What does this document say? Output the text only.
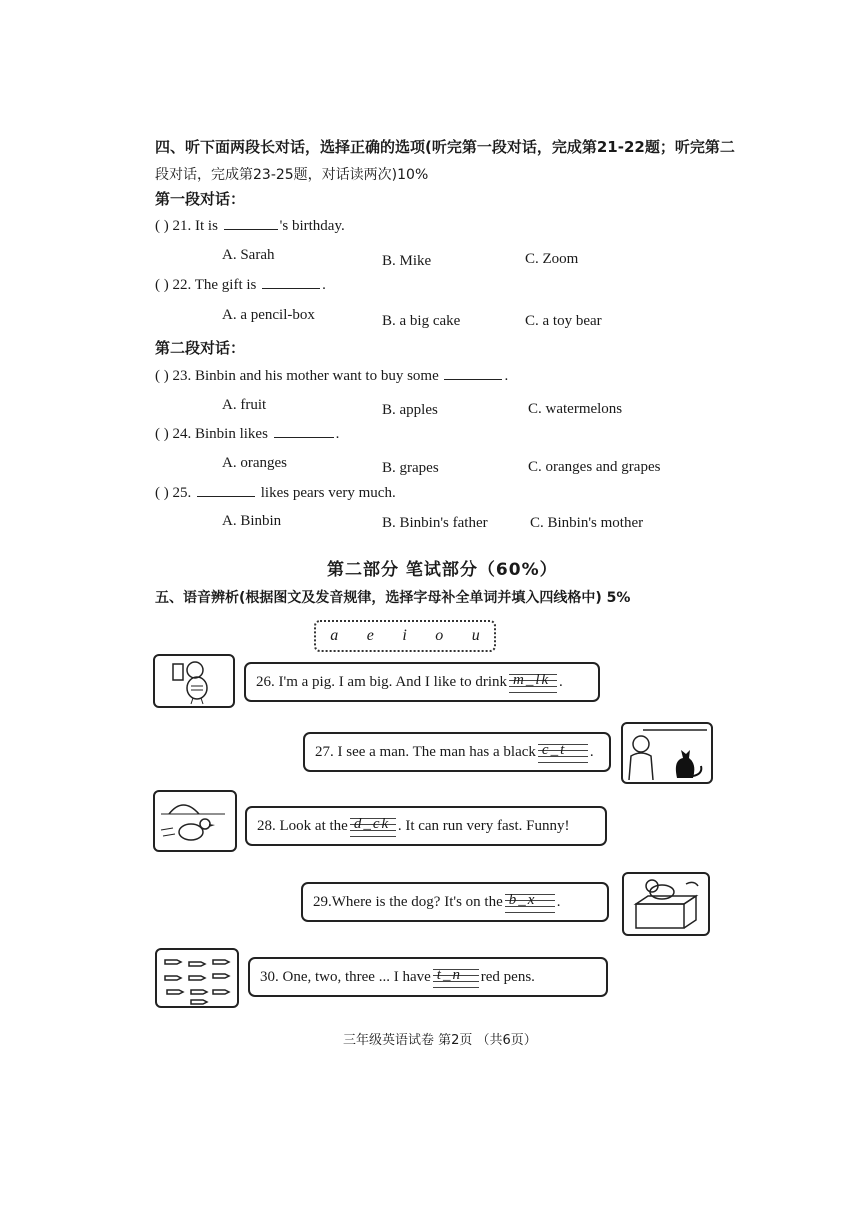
四、听下面两段长对话，选择正确的选项(听完第一段对话，完成第21-22题；听完第二
段对话，完成第23-25题，对话读两次)10%
第一段对话：
( ) 21. It is	's birthday.
A. Sarah	B. Mike	C. Zoom
( ) 22. The gift is	.
A. a pencil-box	B. a big cake	C. a toy bear
第二段对话：
( ) 23. Binbin and his mother want to buy some	.
A. fruit	B. apples	C. watermelons
( ) 24. Binbin likes	.
A. oranges	B. grapes	C. oranges and grapes
( ) 25.	likes pears very much.
A. Binbin	B. Binbin's father	C. Binbin's mother
第二部分 笔试部分（60%）
五、语音辨析(根据图文及发音规律，选择字母补全单词并填入四线格中) 5%
a e i o u
26. I'm a pig. I am big. And I like to drink m_lk .
27. I see a man. The man has a black c_t .
28. Look at the d_ck . It can run very fast. Funny!
29.Where is the dog? It's on the b_x .
30. One, two, three ... I have t_n red pens.
三年级英语试卷 第2页 （共6页）
